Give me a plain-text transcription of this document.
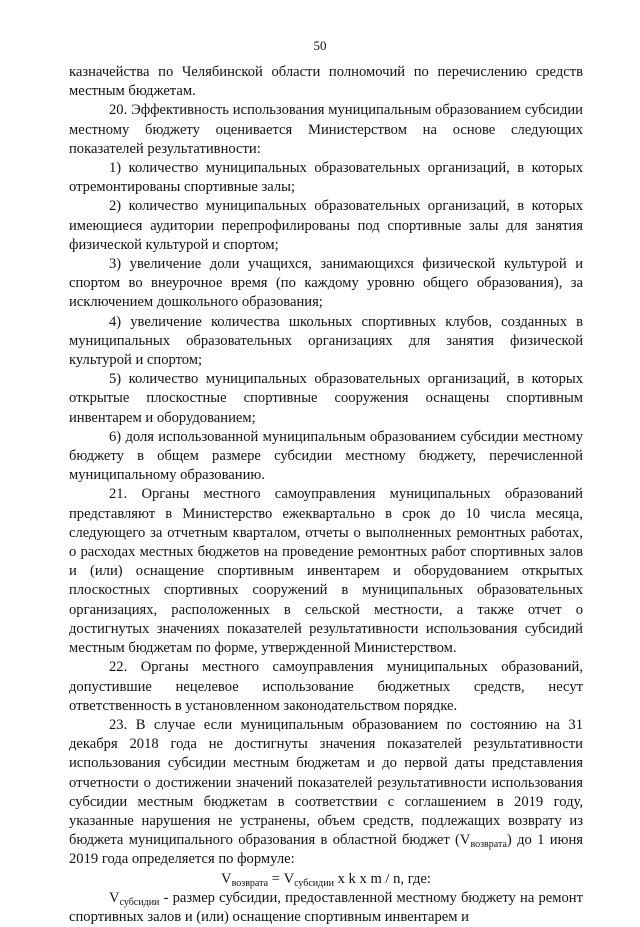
50

казначейства по Челябинской области полномочий по перечислению средств местным бюджетам.

20. Эффективность использования муниципальным образованием субсидии местному бюджету оценивается Министерством на основе следующих показателей результативности:

1) количество муниципальных образовательных организаций, в которых отремонтированы спортивные залы;

2) количество муниципальных образовательных организаций, в которых имеющиеся аудитории перепрофилированы под спортивные залы для занятия физической культурой и спортом;

3) увеличение доли учащихся, занимающихся физической культурой и спортом во внеурочное время (по каждому уровню общего образования), за исключением дошкольного образования;

4) увеличение количества школьных спортивных клубов, созданных в муниципальных образовательных организациях для занятия физической культурой и спортом;

5) количество муниципальных образовательных организаций, в которых открытые плоскостные спортивные сооружения оснащены спортивным инвентарем и оборудованием;

6) доля использованной муниципальным образованием субсидии местному бюджету в общем размере субсидии местному бюджету, перечисленной муниципальному образованию.

21. Органы местного самоуправления муниципальных образований представляют в Министерство ежеквартально в срок до 10 числа месяца, следующего за отчетным кварталом, отчеты о выполненных ремонтных работах, о расходах местных бюджетов на проведение ремонтных работ спортивных залов и (или) оснащение спортивным инвентарем и оборудованием открытых плоскостных спортивных сооружений в муниципальных образовательных организациях, расположенных в сельской местности, а также отчет о достигнутых значениях показателей результативности использования субсидий местным бюджетам по форме, утвержденной Министерством.

22. Органы местного самоуправления муниципальных образований, допустившие нецелевое использование бюджетных средств, несут ответственность в установленном законодательством порядке.

23. В случае если муниципальным образованием по состоянию на 31 декабря 2018 года не достигнуты значения показателей результативности использования субсидии местным бюджетам и до первой даты представления отчетности о достижении значений показателей результативности использования субсидии местным бюджетам в соответствии с соглашением в 2019 году, указанные нарушения не устранены, объем средств, подлежащих возврату из бюджета муниципального образования в областной бюджет $(V_{возврата})$ до 1 июня 2019 года определяется по формуле:

$V_{возврата} = V_{субсидии}$ x k x m / n, где:

$V_{субсидии}$ - размер субсидии, предоставленной местному бюджету на ремонт спортивных залов и (или) оснащение спортивным инвентарем и
